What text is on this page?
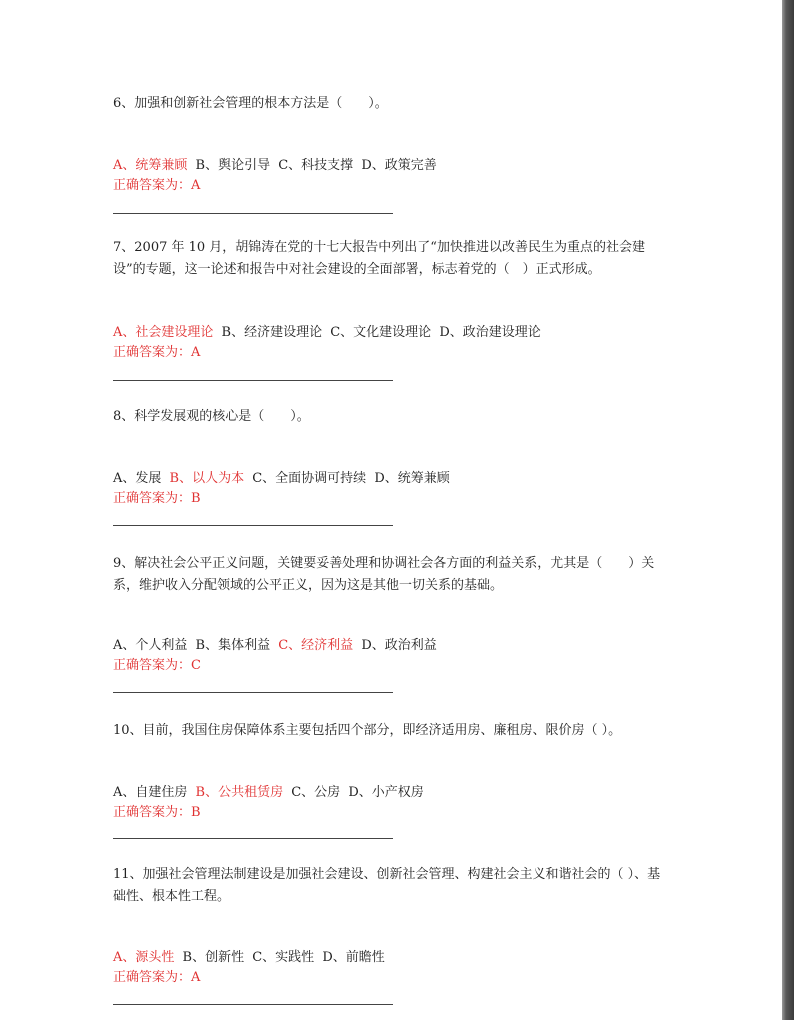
6、加强和创新社会管理的根本方法是（　　）。

A、统筹兼顾 B、舆论引导 C、科技支撑 D、政策完善

正确答案为：A

7、2007 年 10 月，胡锦涛在党的十七大报告中列出了“加快推进以改善民生为重点的社会建设”的专题，这一论述和报告中对社会建设的全面部署，标志着党的（　）正式形成。

A、社会建设理论 B、经济建设理论 C、文化建设理论 D、政治建设理论

正确答案为：A

8、科学发展观的核心是（　　）。

A、发展 B、以人为本 C、全面协调可持续 D、统筹兼顾

正确答案为：B

9、解决社会公平正义问题，关键要妥善处理和协调社会各方面的利益关系，尤其是（　　）关系，维护收入分配领域的公平正义，因为这是其他一切关系的基础。

A、个人利益 B、集体利益 C、经济利益 D、政治利益

正确答案为：C

10、目前，我国住房保障体系主要包括四个部分，即经济适用房、廉租房、限价房（ ）。

A、自建住房 B、公共租赁房 C、公房 D、小产权房

正确答案为：B

11、加强社会管理法制建设是加强社会建设、创新社会管理、构建社会主义和谐社会的（ ）、基础性、根本性工程。

A、源头性 B、创新性 C、实践性 D、前瞻性

正确答案为：A
